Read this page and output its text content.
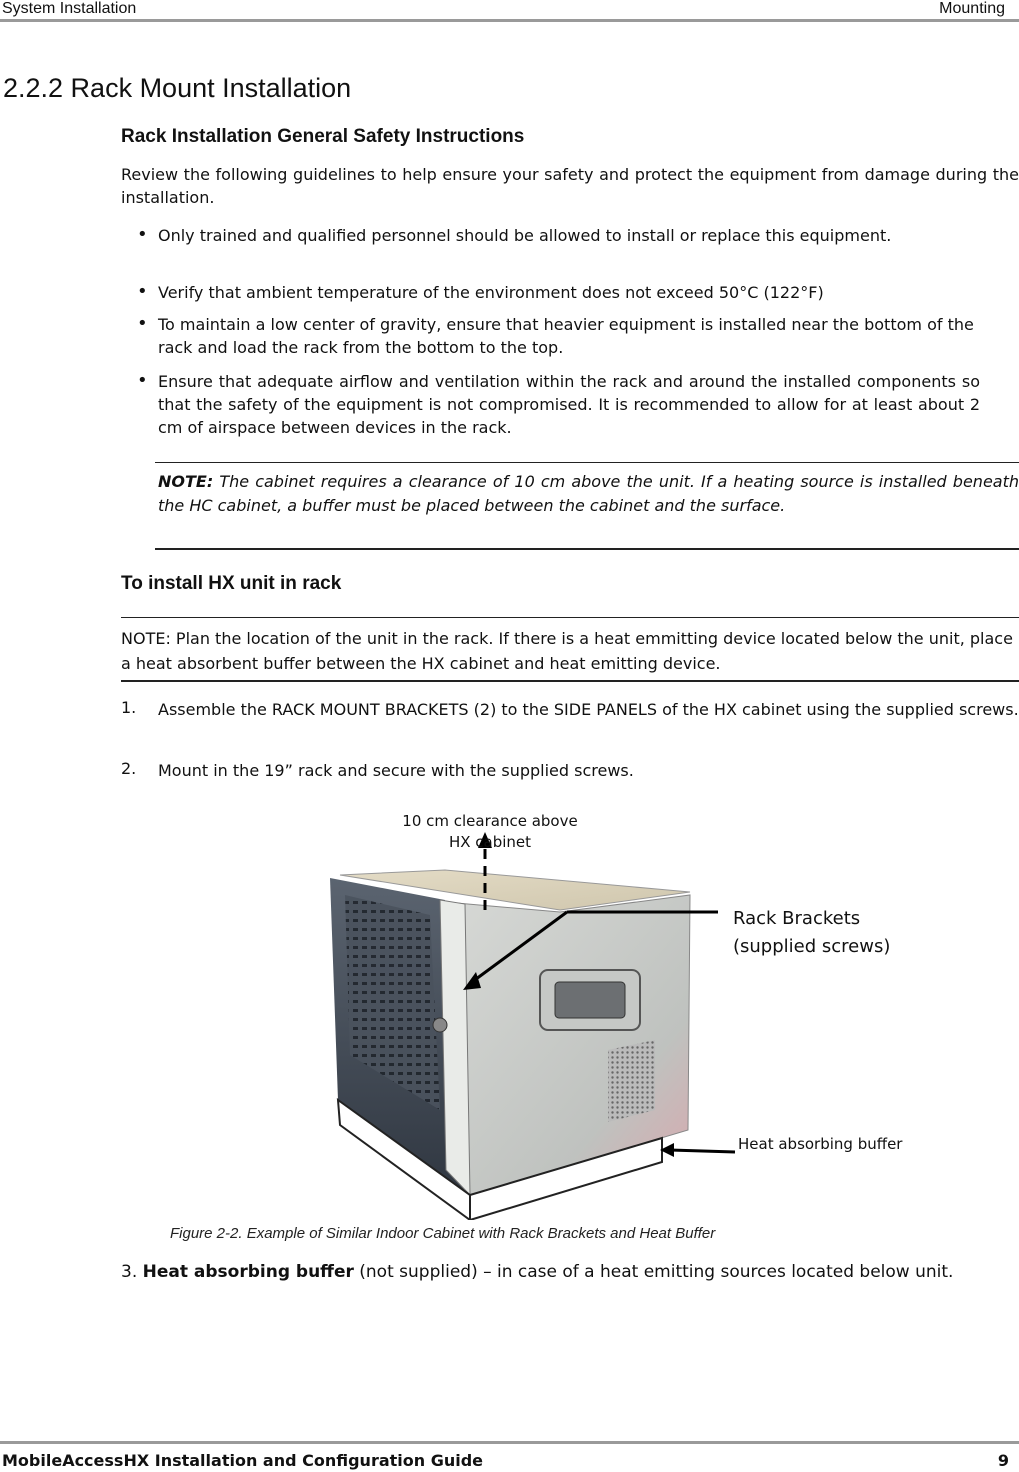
System Installation	Mounting
2.2.2 Rack Mount Installation
Rack Installation General Safety Instructions
Review the following guidelines to help ensure your safety and protect the equipment from damage during the installation.
• Only trained and qualified personnel should be allowed to install or replace this equipment.
• Verify that ambient temperature of the environment does not exceed 50°C (122°F)
• To maintain a low center of gravity, ensure that heavier equipment is installed near the bottom of the rack and load the rack from the bottom to the top.
• Ensure that adequate airflow and ventilation within the rack and around the installed components so that the safety of the equipment is not compromised. It is recommended to allow for at least about 2 cm of airspace between devices in the rack.
NOTE: The cabinet requires a clearance of 10 cm above the unit. If a heating source is installed beneath the HC cabinet, a buffer must be placed between the cabinet and the surface.
To install HX unit in rack
NOTE: Plan the location of the unit in the rack. If there is a heat emmitting device located below the unit, place a heat absorbent buffer between the HX cabinet and heat emitting device.
1. Assemble the RACK MOUNT BRACKETS (2) to the SIDE PANELS of the HX cabinet using the supplied screws.
2. Mount in the 19” rack and secure with the supplied screws.
10 cm clearance above
HX cabinet
Rack Brackets
(supplied screws)
Heat absorbing buffer
Figure 2-2. Example of Similar Indoor Cabinet with Rack Brackets and Heat Buffer
3. Heat absorbing buffer (not supplied) – in case of a heat emitting sources located below unit.
MobileAccessHX Installation and Configuration Guide	9
